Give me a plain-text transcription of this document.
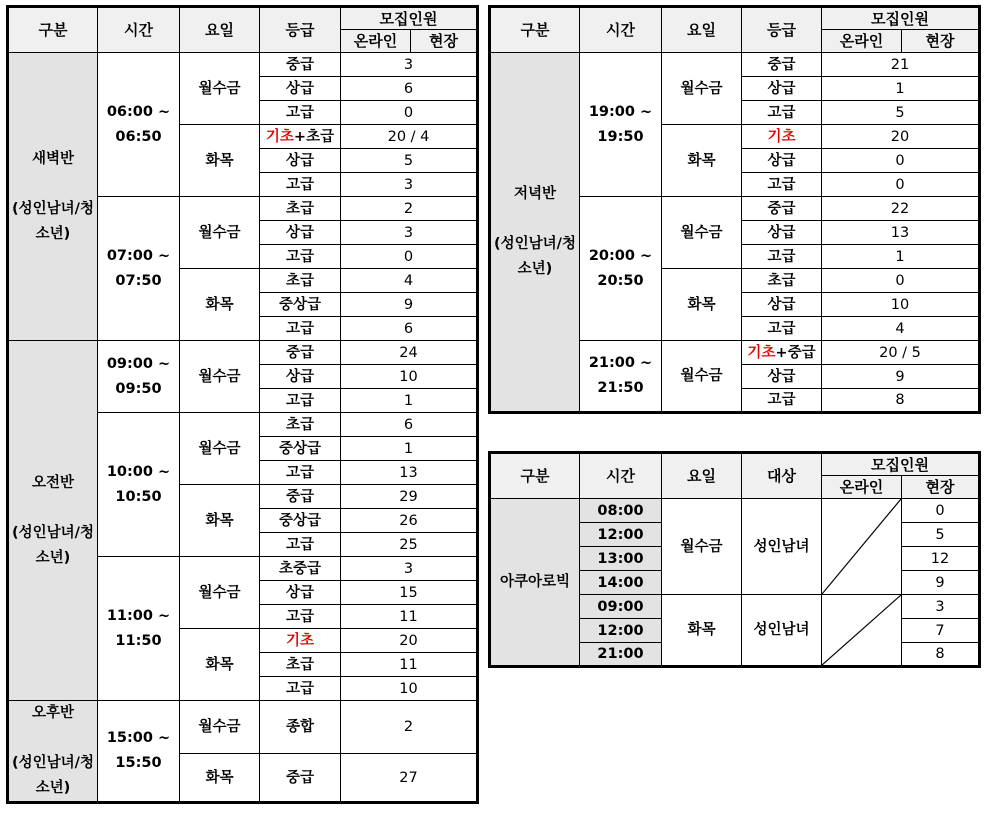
구분	시간	요일	등급	모집인원	
				온라인	현장
새벽반

(성인남녀/청소년)	06:00 ~ 06:50	월수금	중급	3	
			상급	6	
			고급	0	
		화목	기초+초급	20 / 4	
			상급	5	
			고급	3	
	07:00 ~ 07:50	월수금	초급	2	
			상급	3	
			고급	0	
		화목	초급	4	
			중상급	9	
			고급	6	
오전반

(성인남녀/청소년)	09:00 ~ 09:50	월수금	중급	24	
			상급	10	
			고급	1	
	10:00 ~ 10:50	월수금	초급	6	
			중상급	1	
			고급	13	
		화목	중급	29	
			중상급	26	
			고급	25	
	11:00 ~ 11:50	월수금	초중급	3	
			상급	15	
			고급	11	
		화목	기초	20	
			초급	11	
			고급	10	
오후반

(성인남녀/청소년)	15:00 ~ 15:50	월수금	종합	2	
		화목	중급	27	
구분	시간	요일	등급	모집인원	
				온라인	현장
저녁반

(성인남녀/청소년)	19:00 ~ 19:50	월수금	중급	21	
			상급	1	
			고급	5	
		화목	기초	20	
			상급	0	
			고급	0	
	20:00 ~ 20:50	월수금	중급	22	
			상급	13	
			고급	1	
		화목	초급	0	
			상급	10	
			고급	4	
	21:00 ~ 21:50	월수금	기초+중급	20 / 5	
			상급	9	
			고급	8	
구분	시간	요일	대상	모집인원	
				온라인	현장
아쿠아로빅	08:00	월수금	성인남녀		0
	12:00				5
	13:00				12
	14:00				9
	09:00	화목	성인남녀		3
	12:00				7
	21:00				8
